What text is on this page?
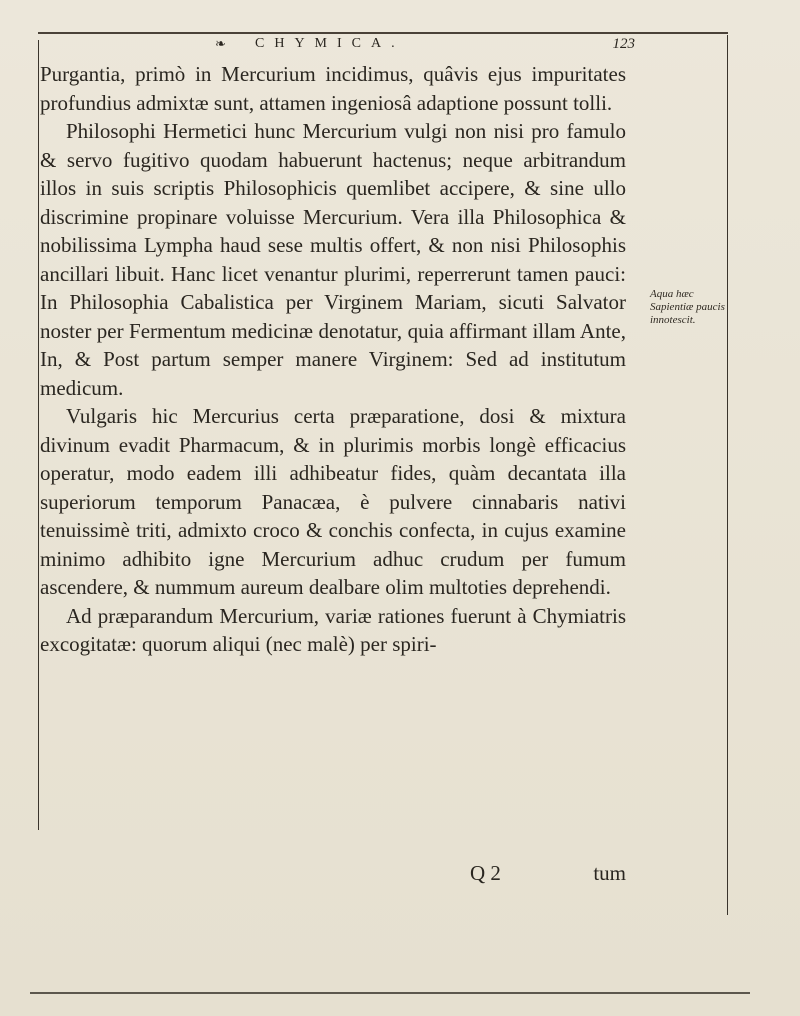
❧ CHYMICA.	123

Purgantia, primò in Mercurium incidimus, quâvis ejus impuritates profundius admixtæ sunt, attamen ingeniosâ adaptione possunt tolli.

Philosophi Hermetici hunc Mercurium vulgi non nisi pro famulo & servo fugitivo quodam habuerunt hactenus; neque arbitrandum illos in suis scriptis Philosophicis quemlibet accipere, & sine ullo discrimine propinare voluisse Mercurium. Vera illa Philosophica & nobilissima Lympha haud sese multis offert, & non nisi Philosophis ancillari libuit. Hanc licet venantur plurimi, reperrerunt tamen pauci: In Philosophia Cabalistica per Virginem Mariam, sicuti Salvator noster per Fermentum medicinæ denotatur, quia affirmant illam Ante, In, & Post partum semper manere Virginem: Sed ad institutum medicum.

Vulgaris hic Mercurius certa præparatione, dosi & mixtura divinum evadit Pharmacum, & in plurimis morbis longè efficacius operatur, modo eadem illi adhibeatur fides, quàm decantata illa superiorum temporum Panacæa, è pulvere cinnabaris nativi tenuissimè triti, admixto croco & conchis confecta, in cujus examine minimo adhibito igne Mercurium adhuc crudum per fumum ascendere, & nummum aureum dealbare olim multoties deprehendi.

Ad præparandum Mercurium, variæ rationes fuerunt à Chymiatris excogitatæ: quorum aliqui (nec malè) per spiri-

Q 2	tum
Aqua hæc Sapientiæ paucis innotescit.
